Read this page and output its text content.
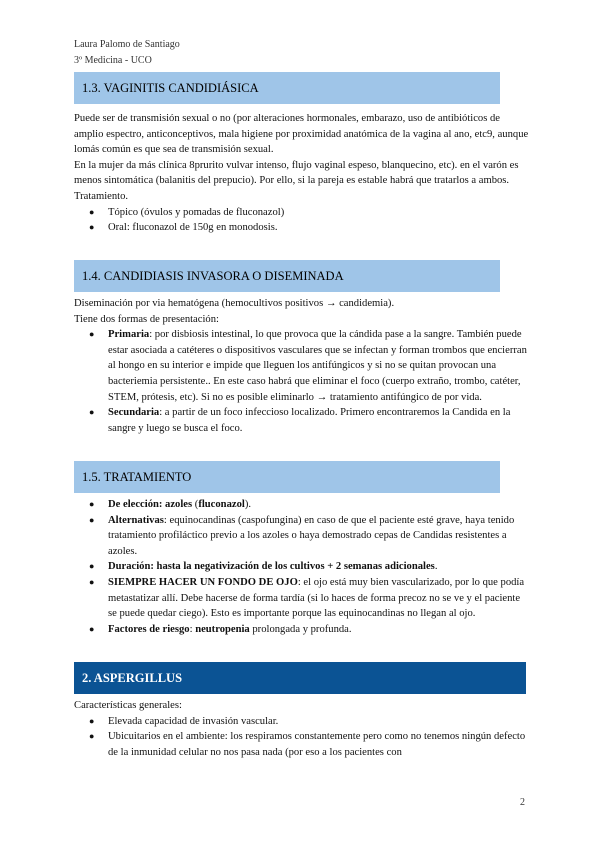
Laura Palomo de Santiago
3º Medicina - UCO
1.3. VAGINITIS CANDIDIÁSICA

Puede ser de transmisión sexual o no (por alteraciones hormonales, embarazo, uso de antibióticos de amplio espectro, anticonceptivos, mala higiene por proximidad anatómica de la vagina al ano, etc9, aunque lomás común es que sea de transmisión sexual.

En la mujer da más clínica 8prurito vulvar intenso, flujo vaginal espeso, blanquecino, etc). en el varón es menos sintomática (balanitis del prepucio). Por ello, si la pareja es estable habrá que tratarlos a ambos.

Tratamiento.

● Tópico (óvulos y pomadas de fluconazol)
● Oral: fluconazol de 150g en monodosis.
1.4. CANDIDIASIS INVASORA O DISEMINADA

Diseminación por via hematógena (hemocultivos positivos → candidemia).

Tiene dos formas de presentación:

● Primaria: por disbiosis intestinal, lo que provoca que la cándida pase a la sangre. También puede estar asociada a catéteres o dispositivos vasculares que se infectan y forman trombos que encierran al hongo en su interior e impide que lleguen los antifúngicos y si no se quitan provocan una bacteriemia persistente.. En este caso habrá que eliminar el foco (cuerpo extraño, trombo, catéter, STEM, prótesis, etc). Si no es posible eliminarlo → tratamiento antifúngico de por vida.
● Secundaria: a partir de un foco infeccioso localizado. Primero encontraremos la Candida en la sangre y luego se busca el foco.
1.5. TRATAMIENTO
● De elección: azoles (fluconazol).
● Alternativas: equinocandinas (caspofungina) en caso de que el paciente esté grave, haya tenido tratamiento profiláctico previo a los azoles o haya demostrado cepas de Candidas resistentes a azoles.
● Duración: hasta la negativización de los cultivos + 2 semanas adicionales.
● SIEMPRE HACER UN FONDO DE OJO: el ojo está muy bien vascularizado, por lo que podía metastatizar allí. Debe hacerse de forma tardía (si lo haces de forma precoz no se ve y el paciente se puede quedar ciego). Esto es importante porque las equinocandinas no llegan al ojo.
● Factores de riesgo: neutropenia prolongada y profunda.
2. ASPERGILLUS

Características generales:

● Elevada capacidad de invasión vascular.
● Ubicuitarios en el ambiente: los respiramos constantemente pero como no tenemos ningún defecto de la inmunidad celular no nos pasa nada (por eso a los pacientes con
2
